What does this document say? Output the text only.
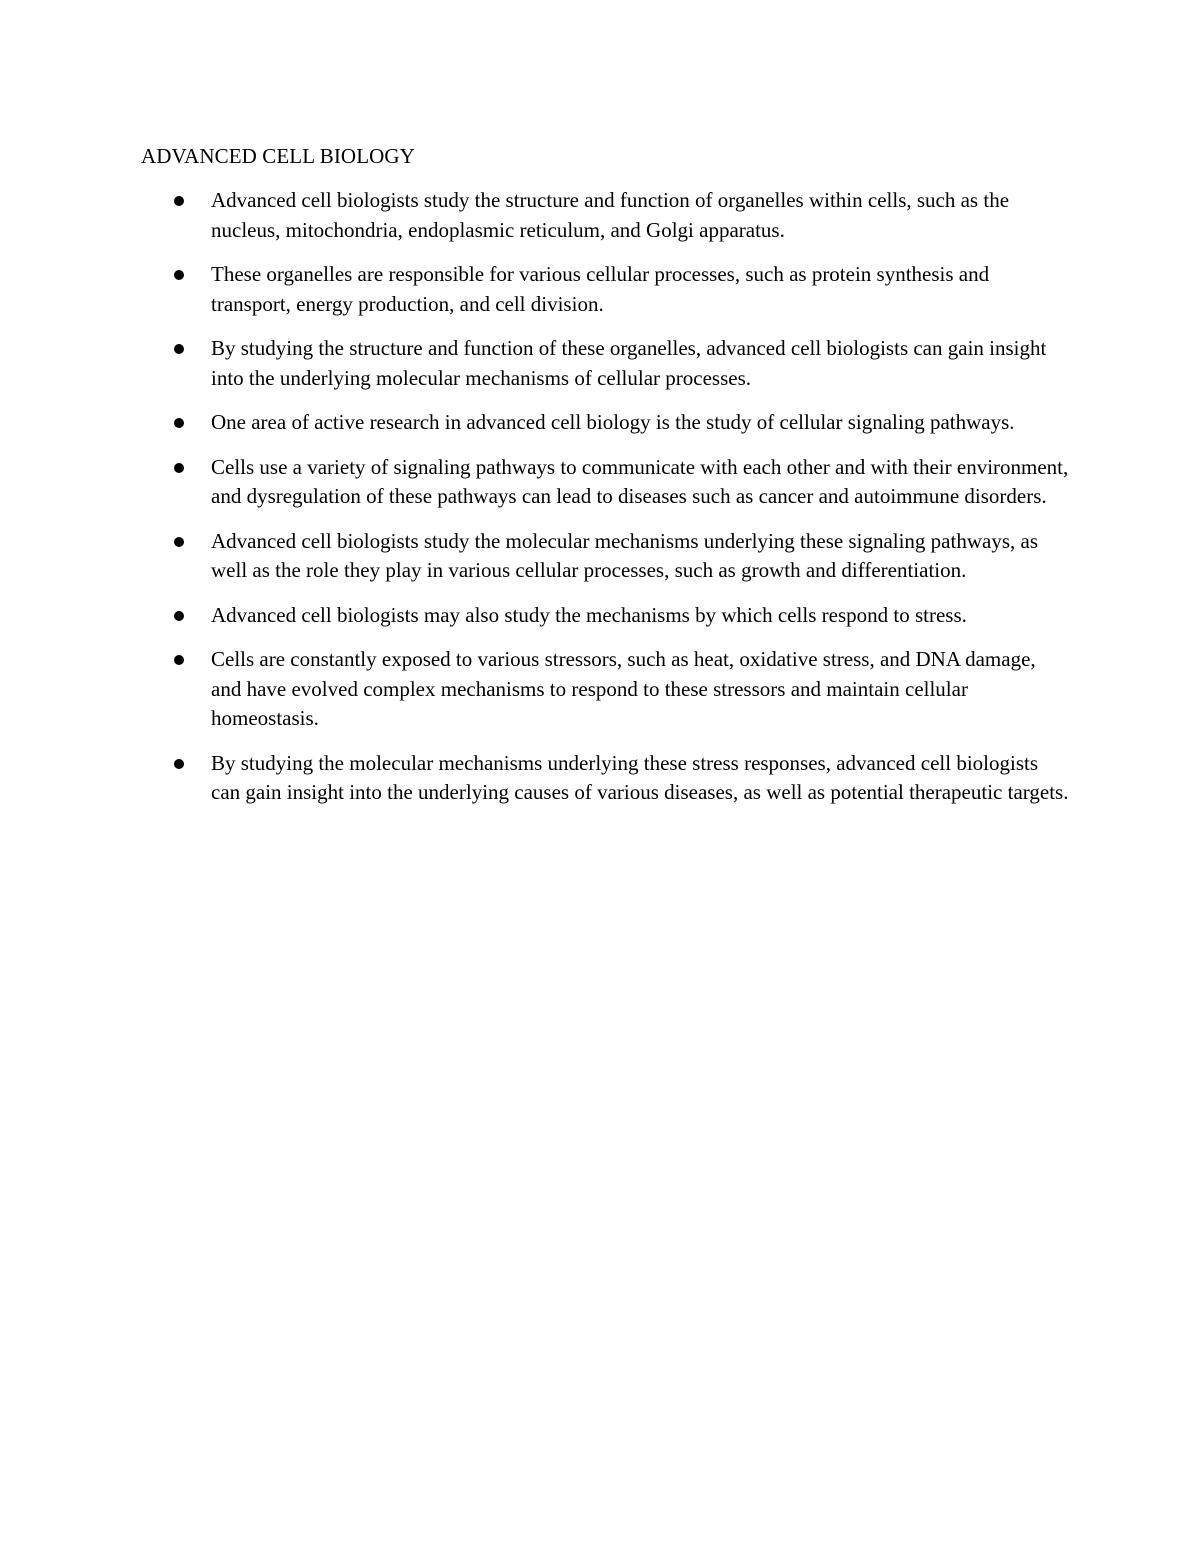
ADVANCED CELL BIOLOGY
Advanced cell biologists study the structure and function of organelles within cells, such as the nucleus, mitochondria, endoplasmic reticulum, and Golgi apparatus.
These organelles are responsible for various cellular processes, such as protein synthesis and transport, energy production, and cell division.
By studying the structure and function of these organelles, advanced cell biologists can gain insight into the underlying molecular mechanisms of cellular processes.
One area of active research in advanced cell biology is the study of cellular signaling pathways.
Cells use a variety of signaling pathways to communicate with each other and with their environment, and dysregulation of these pathways can lead to diseases such as cancer and autoimmune disorders.
Advanced cell biologists study the molecular mechanisms underlying these signaling pathways, as well as the role they play in various cellular processes, such as growth and differentiation.
Advanced cell biologists may also study the mechanisms by which cells respond to stress.
Cells are constantly exposed to various stressors, such as heat, oxidative stress, and DNA damage, and have evolved complex mechanisms to respond to these stressors and maintain cellular homeostasis.
By studying the molecular mechanisms underlying these stress responses, advanced cell biologists can gain insight into the underlying causes of various diseases, as well as potential therapeutic targets.
